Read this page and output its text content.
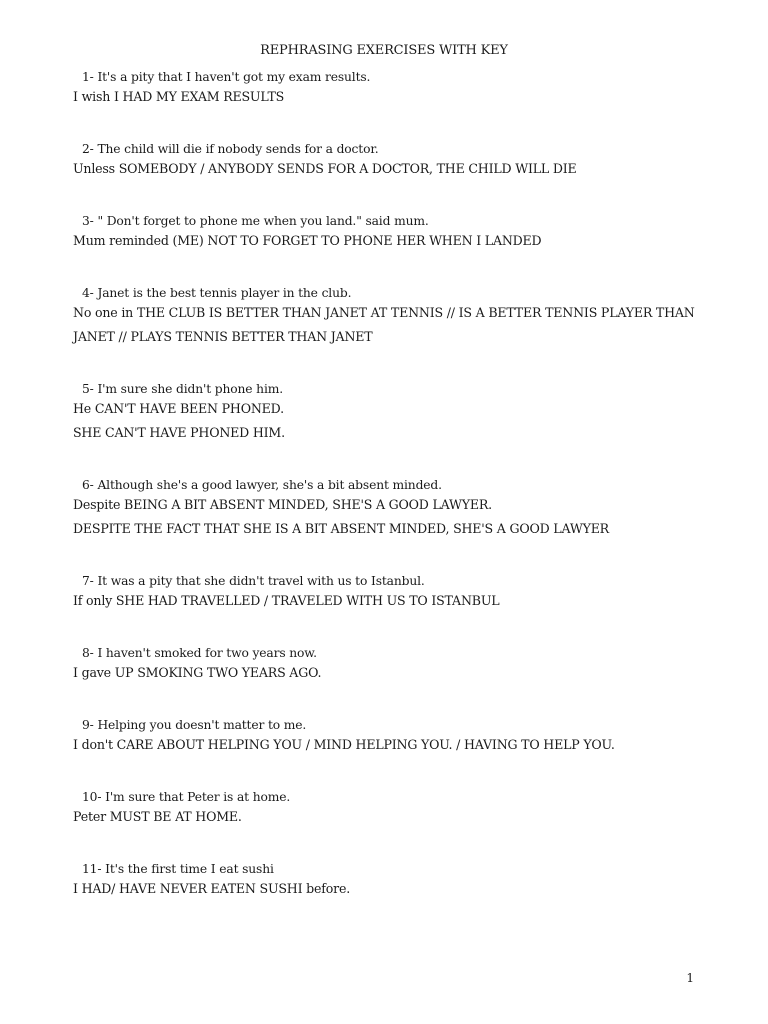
REPHRASING EXERCISES WITH KEY
1- It's a pity that I haven't got my exam results.
I wish I HAD MY EXAM RESULTS
2- The child will die if nobody sends for a doctor.
Unless SOMEBODY / ANYBODY SENDS FOR A DOCTOR, THE CHILD WILL DIE
3- " Don't forget to phone me when you land." said mum.
Mum reminded (ME) NOT TO FORGET TO PHONE HER WHEN I LANDED
4- Janet is the best tennis player in the club.
No one in THE CLUB IS BETTER THAN JANET AT TENNIS // IS A BETTER TENNIS PLAYER THAN
JANET // PLAYS TENNIS BETTER THAN JANET
5- I'm sure she didn't phone him.
He CAN'T HAVE BEEN PHONED.
SHE CAN'T HAVE PHONED HIM.
6- Although she's a good lawyer, she's a bit absent minded.
Despite BEING A BIT ABSENT MINDED, SHE'S A GOOD LAWYER.
DESPITE THE FACT THAT SHE IS A BIT ABSENT MINDED, SHE'S A GOOD LAWYER
7- It was a pity that she didn't travel with us to Istanbul.
If only SHE HAD TRAVELLED / TRAVELED WITH US TO ISTANBUL
8- I haven't smoked for two years now.
I gave UP SMOKING TWO YEARS AGO.
9- Helping you doesn't matter to me.
I don't CARE ABOUT HELPING YOU / MIND HELPING YOU. / HAVING TO HELP YOU.
10- I'm sure that Peter is at home.
Peter MUST BE AT HOME.
11- It's the first time I eat sushi
I HAD/ HAVE NEVER EATEN SUSHI before.
1
